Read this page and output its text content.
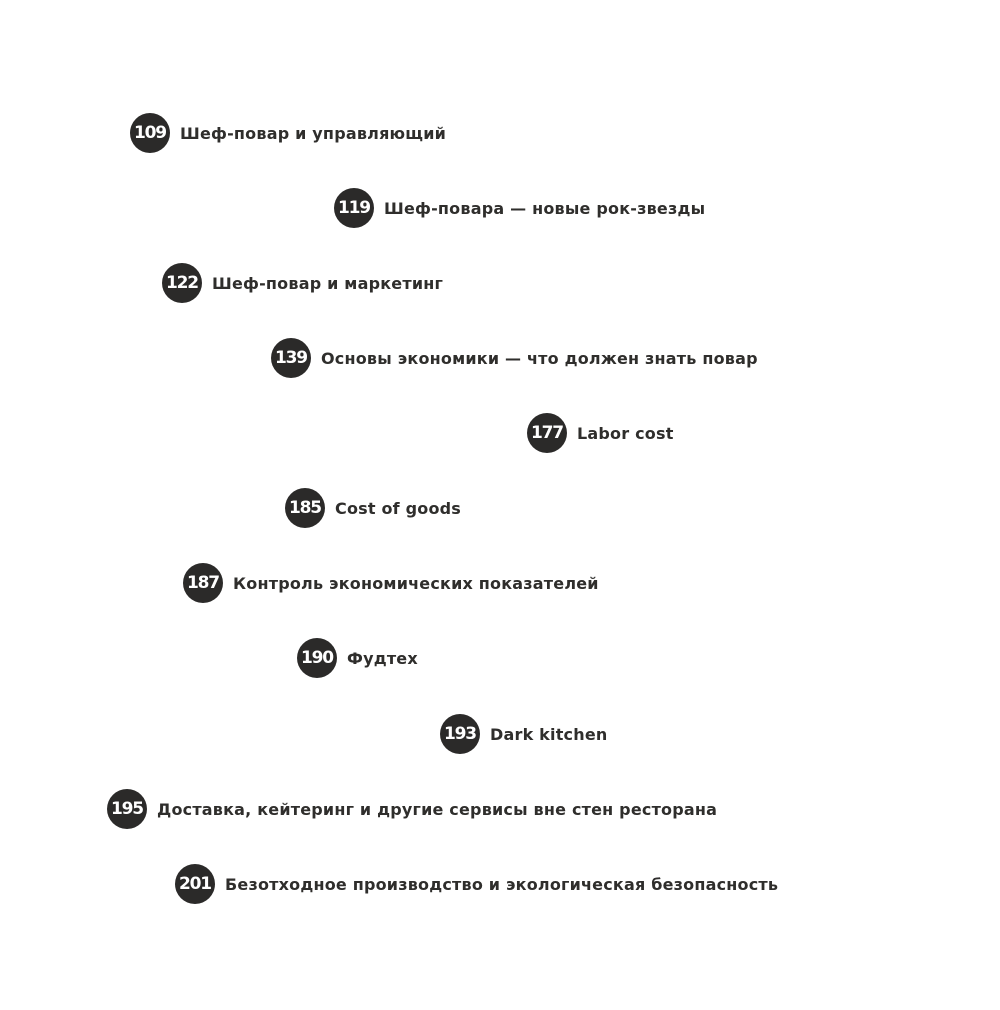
109 Шеф-повар и управляющий
119 Шеф-повара — новые рок-звезды
122 Шеф-повар и маркетинг
139 Основы экономики — что должен знать повар
177 Labor cost
185 Cost of goods
187 Контроль экономических показателей
190 Фудтех
193 Dark kitchen
195 Доставка, кейтеринг и другие сервисы вне стен ресторана
201 Безотходное производство и экологическая безопасность
